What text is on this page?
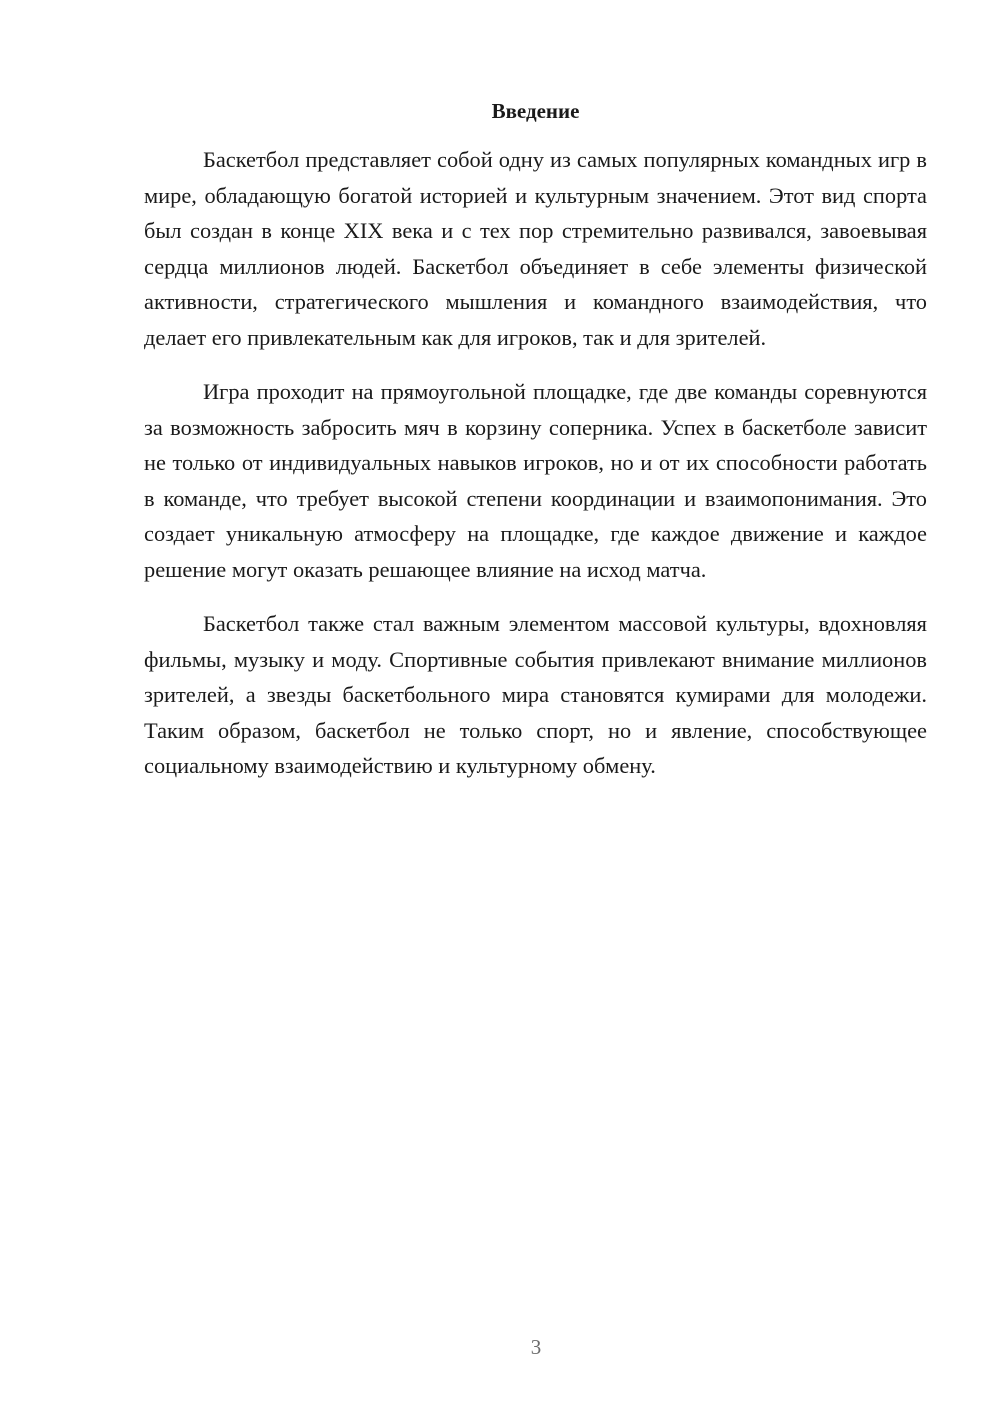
Введение

Баскетбол представляет собой одну из самых популярных командных игр в мире, обладающую богатой историей и культурным значением. Этот вид спорта был создан в конце XIX века и с тех пор стремительно развивался, завоевывая сердца миллионов людей. Баскетбол объединяет в себе элементы физической активности, стратегического мышления и командного взаимодействия, что делает его привлекательным как для игроков, так и для зрителей.

Игра проходит на прямоугольной площадке, где две команды соревнуются за возможность забросить мяч в корзину соперника. Успех в баскетболе зависит не только от индивидуальных навыков игроков, но и от их способности работать в команде, что требует высокой степени координации и взаимопонимания. Это создает уникальную атмосферу на площадке, где каждое движение и каждое решение могут оказать решающее влияние на исход матча.

Баскетбол также стал важным элементом массовой культуры, вдохновляя фильмы, музыку и моду. Спортивные события привлекают внимание миллионов зрителей, а звезды баскетбольного мира становятся кумирами для молодежи. Таким образом, баскетбол не только спорт, но и явление, способствующее социальному взаимодействию и культурному обмену.

3
